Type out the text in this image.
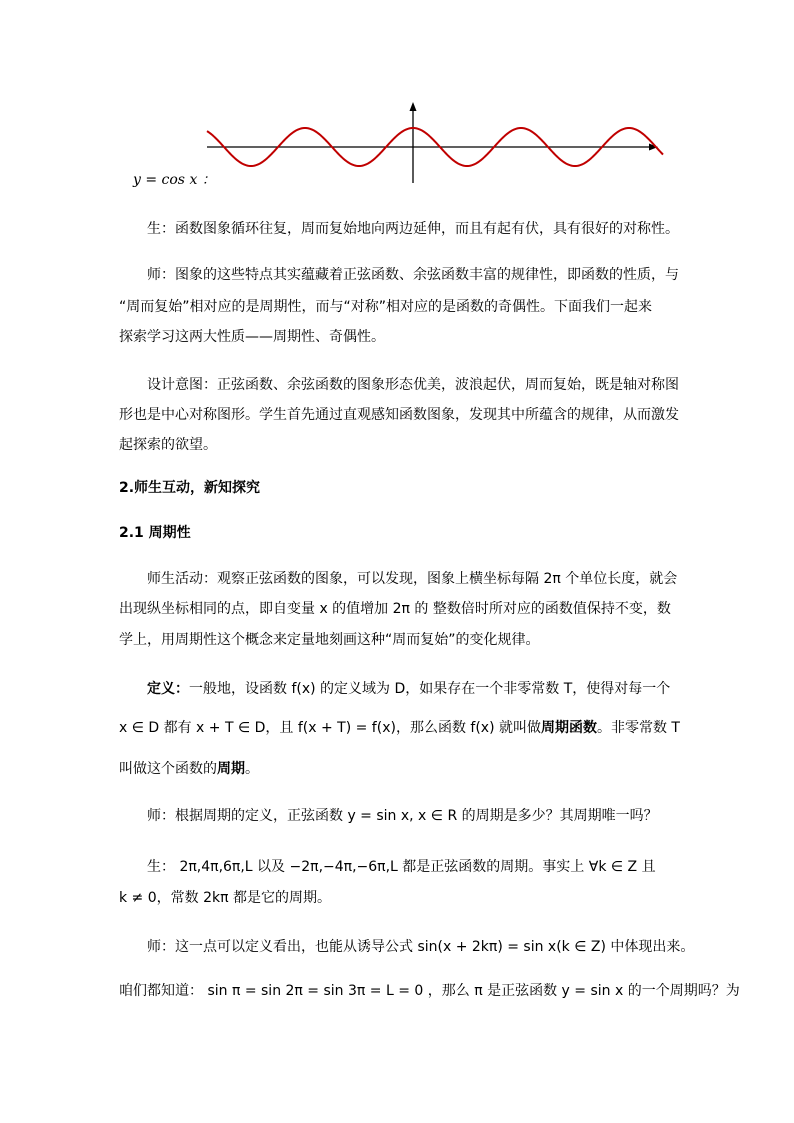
y = cos x ：
生：函数图象循环往复，周而复始地向两边延伸，而且有起有伏，具有很好的对称性。
师：图象的这些特点其实蕴藏着正弦函数、余弦函数丰富的规律性，即函数的性质，与
“周而复始”相对应的是周期性，而与“对称”相对应的是函数的奇偶性。下面我们一起来
探索学习这两大性质——周期性、奇偶性。
设计意图：正弦函数、余弦函数的图象形态优美，波浪起伏，周而复始，既是轴对称图
形也是中心对称图形。学生首先通过直观感知函数图象，发现其中所蕴含的规律，从而激发
起探索的欲望。
2.师生互动，新知探究
2.1 周期性
师生活动：观察正弦函数的图象，可以发现，图象上横坐标每隔 2π 个单位长度，就会
出现纵坐标相同的点，即自变量 x 的值增加 2π 的 整数倍时所对应的函数值保持不变，数
学上，用周期性这个概念来定量地刻画这种“周而复始”的变化规律。
定义：一般地，设函数 f(x) 的定义域为 D，如果存在一个非零常数 T，使得对每一个
x ∈ D 都有 x + T ∈ D，且 f(x + T) = f(x)，那么函数 f(x) 就叫做周期函数。非零常数 T
叫做这个函数的周期。
师：根据周期的定义，正弦函数 y = sin x, x ∈ R 的周期是多少？其周期唯一吗？
生： 2π,4π,6π,L 以及 −2π,−4π,−6π,L 都是正弦函数的周期。事实上 ∀k ∈ Z 且
k ≠ 0，常数 2kπ 都是它的周期。
师：这一点可以定义看出，也能从诱导公式 sin(x + 2kπ) = sin x(k ∈ Z) 中体现出来。
咱们都知道： sin π = sin 2π = sin 3π = L = 0 ，那么 π 是正弦函数 y = sin x 的一个周期吗？为
